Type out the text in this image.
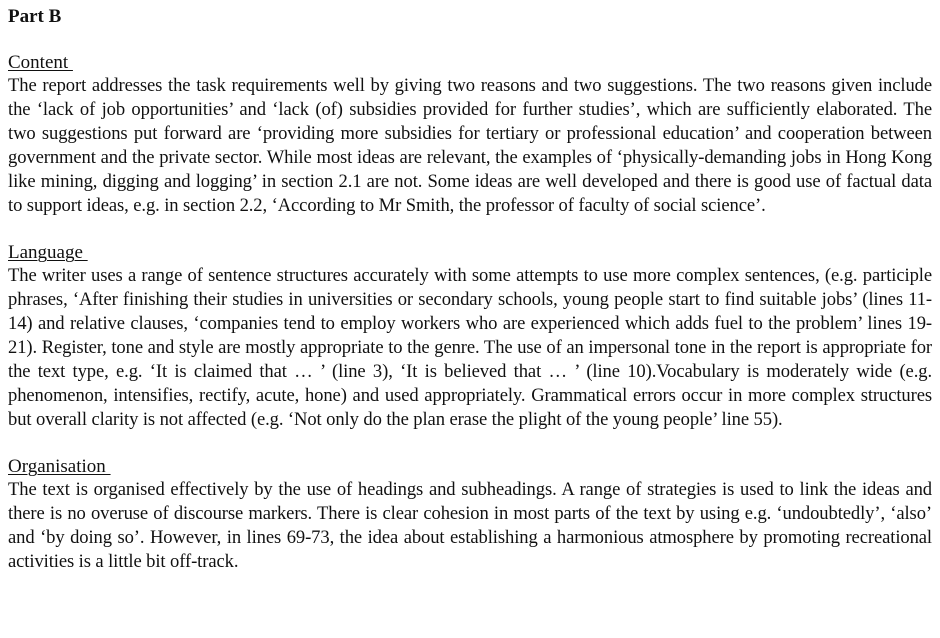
Part B

Content

The report addresses the task requirements well by giving two reasons and two suggestions. The two reasons given include the ‘lack of job opportunities’ and ‘lack (of) subsidies provided for further studies’, which are sufficiently elaborated. The two suggestions put forward are ‘providing more subsidies for tertiary or professional education’ and cooperation between government and the private sector. While most ideas are relevant, the examples of ‘physically-demanding jobs in Hong Kong like mining, digging and logging’ in section 2.1 are not. Some ideas are well developed and there is good use of factual data to support ideas, e.g. in section 2.2, ‘According to Mr Smith, the professor of faculty of social science’.

Language

The writer uses a range of sentence structures accurately with some attempts to use more complex sentences, (e.g. participle phrases, ‘After finishing their studies in universities or secondary schools, young people start to find suitable jobs’ (lines 11-14) and relative clauses, ‘companies tend to employ workers who are experienced which adds fuel to the problem’ lines 19-21). Register, tone and style are mostly appropriate to the genre. The use of an impersonal tone in the report is appropriate for the text type, e.g. ‘It is claimed that … ’ (line 3), ‘It is believed that … ’ (line 10).Vocabulary is moderately wide (e.g. phenomenon, intensifies, rectify, acute, hone) and used appropriately. Grammatical errors occur in more complex structures but overall clarity is not affected (e.g. ‘Not only do the plan erase the plight of the young people’ line 55).

Organisation

The text is organised effectively by the use of headings and subheadings. A range of strategies is used to link the ideas and there is no overuse of discourse markers. There is clear cohesion in most parts of the text by using e.g. ‘undoubtedly’, ‘also’ and ‘by doing so’. However, in lines 69-73, the idea about establishing a harmonious atmosphere by promoting recreational activities is a little bit off-track.
